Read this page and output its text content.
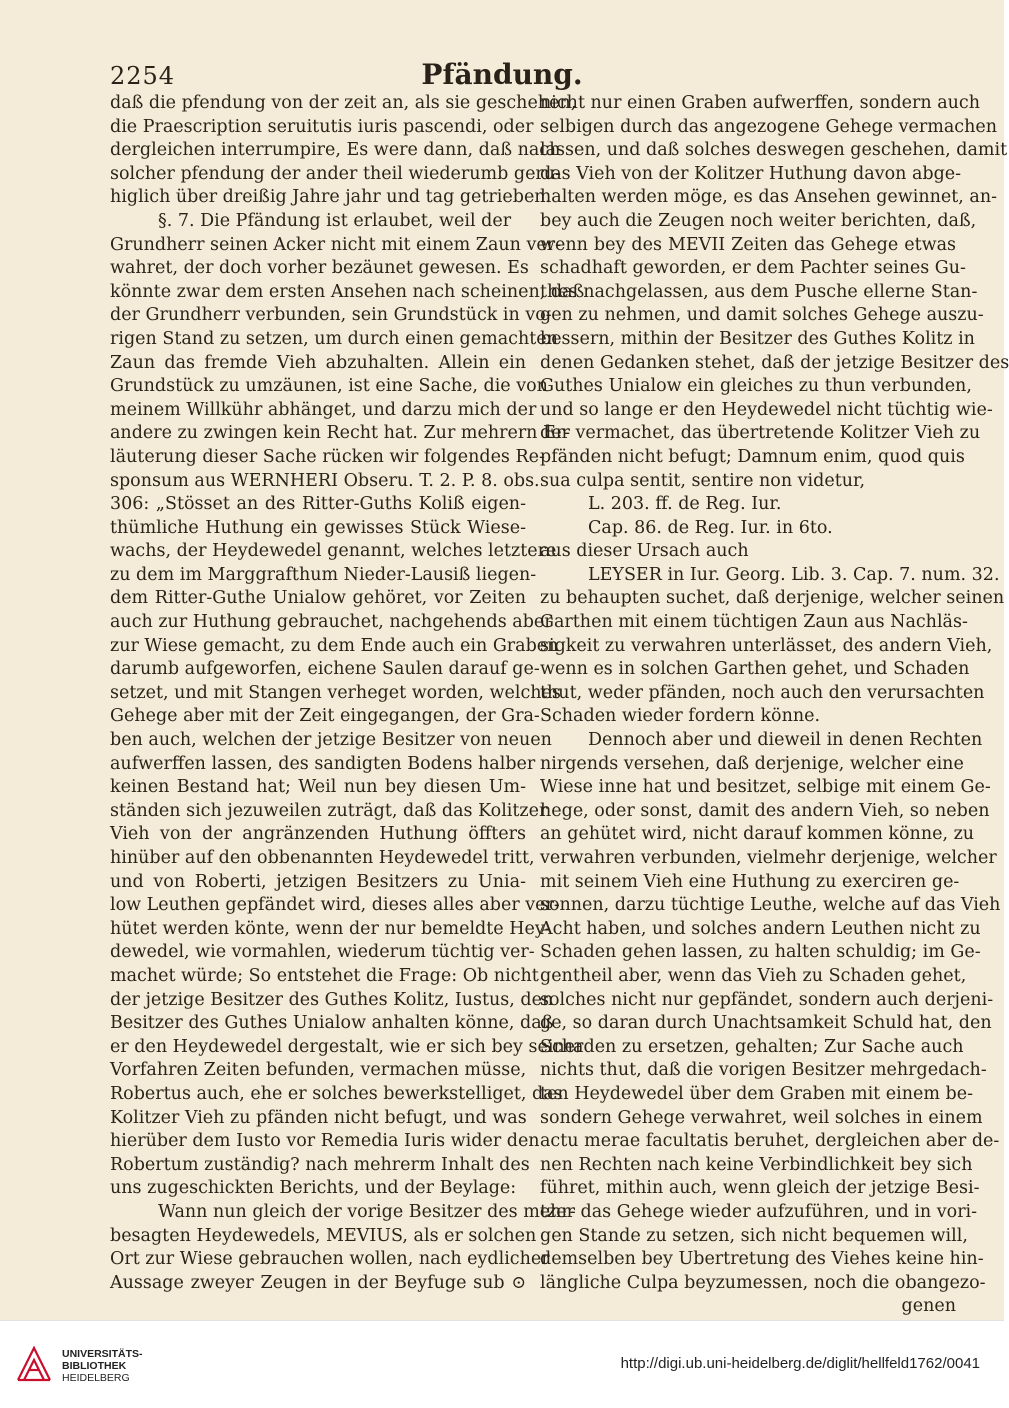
2254	Pfändung.
daß die pfendung von der zeit an, als sie geschehen,
die Praescription seruitutis iuris pascendi, oder
dergleichen interrumpire, Es were dann, daß nach
solcher pfendung der ander theil wiederumb geru-
higlich über dreißig Jahre jahr und tag getrieben.
§. 7. Die Pfändung ist erlaubet, weil der
Grundherr seinen Acker nicht mit einem Zaun ver-
wahret, der doch vorher bezäunet gewesen. Es
könnte zwar dem ersten Ansehen nach scheinen, daß
der Grundherr verbunden, sein Grundstück in vo-
rigen Stand zu setzen, um durch einen gemachten
Zaun das fremde Vieh abzuhalten. Allein ein
Grundstück zu umzäunen, ist eine Sache, die von
meinem Willkühr abhänget, und darzu mich der
andere zu zwingen kein Recht hat. Zur mehrern Er-
läuterung dieser Sache rücken wir folgendes Re-
sponsum aus WERNHERI Obseru. T. 2. P. 8. obs.
306: „Stösset an des Ritter-Guths Koliß eigen-
thümliche Huthung ein gewisses Stück Wiese-
wachs, der Heydewedel genannt, welches letztere
zu dem im Marggrafthum Nieder-Lausiß liegen-
dem Ritter-Guthe Unialow gehöret, vor Zeiten
auch zur Huthung gebrauchet, nachgehends aber
zur Wiese gemacht, zu dem Ende auch ein Graben
darumb aufgeworfen, eichene Saulen darauf ge-
setzet, und mit Stangen verheget worden, welches
Gehege aber mit der Zeit eingegangen, der Gra-
ben auch, welchen der jetzige Besitzer von neuen
aufwerffen lassen, des sandigten Bodens halber
keinen Bestand hat; Weil nun bey diesen Um-
ständen sich jezuweilen zuträgt, daß das Kolitzer
Vieh von der angränzenden Huthung öffters
hinüber auf den obbenannten Heydewedel tritt,
und von Roberti, jetzigen Besitzers zu Unia-
low Leuthen gepfändet wird, dieses alles aber ver-
hütet werden könte, wenn der nur bemeldte Hey-
dewedel, wie vormahlen, wiederum tüchtig ver-
machet würde; So entstehet die Frage: Ob nicht
der jetzige Besitzer des Guthes Kolitz, Iustus, den
Besitzer des Guthes Unialow anhalten könne, daß
er den Heydewedel dergestalt, wie er sich bey seiner
Vorfahren Zeiten befunden, vermachen müsse,
Robertus auch, ehe er solches bewerkstelliget, das
Kolitzer Vieh zu pfänden nicht befugt, und was
hierüber dem Iusto vor Remedia Iuris wider den
Robertum zuständig? nach mehrerm Inhalt des
uns zugeschickten Berichts, und der Beylage:
Wann nun gleich der vorige Besitzer des mehr-
besagten Heydewedels, MEVIUS, als er solchen
Ort zur Wiese gebrauchen wollen, nach eydlicher
Aussage zweyer Zeugen in der Beyfuge sub ⊙
nicht nur einen Graben aufwerffen, sondern auch
selbigen durch das angezogene Gehege vermachen
lassen, und daß solches deswegen geschehen, damit
das Vieh von der Kolitzer Huthung davon abge-
halten werden möge, es das Ansehen gewinnet, an-
bey auch die Zeugen noch weiter berichten, daß,
wenn bey des MEVII Zeiten das Gehege etwas
schadhaft geworden, er dem Pachter seines Gu-
thes nachgelassen, aus dem Pusche ellerne Stan-
gen zu nehmen, und damit solches Gehege auszu-
bessern, mithin der Besitzer des Guthes Kolitz in
denen Gedanken stehet, daß der jetzige Besitzer des
Guthes Unialow ein gleiches zu thun verbunden,
und so lange er den Heydewedel nicht tüchtig wie-
der vermachet, das übertretende Kolitzer Vieh zu
pfänden nicht befugt; Damnum enim, quod quis
sua culpa sentit, sentire non videtur,
L. 203. ff. de Reg. Iur.
Cap. 86. de Reg. Iur. in 6to.
aus dieser Ursach auch
LEYSER in Iur. Georg. Lib. 3. Cap. 7. num. 32.
zu behaupten suchet, daß derjenige, welcher seinen
Garthen mit einem tüchtigen Zaun aus Nachläs-
sigkeit zu verwahren unterlässet, des andern Vieh,
wenn es in solchen Garthen gehet, und Schaden
thut, weder pfänden, noch auch den verursachten
Schaden wieder fordern könne.
Dennoch aber und dieweil in denen Rechten
nirgends versehen, daß derjenige, welcher eine
Wiese inne hat und besitzet, selbige mit einem Ge-
hege, oder sonst, damit des andern Vieh, so neben
an gehütet wird, nicht darauf kommen könne, zu
verwahren verbunden, vielmehr derjenige, welcher
mit seinem Vieh eine Huthung zu exerciren ge-
sonnen, darzu tüchtige Leuthe, welche auf das Vieh
Acht haben, und solches andern Leuthen nicht zu
Schaden gehen lassen, zu halten schuldig; im Ge-
gentheil aber, wenn das Vieh zu Schaden gehet,
solches nicht nur gepfändet, sondern auch derjeni-
ge, so daran durch Unachtsamkeit Schuld hat, den
Schaden zu ersetzen, gehalten; Zur Sache auch
nichts thut, daß die vorigen Besitzer mehrgedach-
ten Heydewedel über dem Graben mit einem be-
sondern Gehege verwahret, weil solches in einem
actu merae facultatis beruhet, dergleichen aber de-
nen Rechten nach keine Verbindlichkeit bey sich
führet, mithin auch, wenn gleich der jetzige Besi-
tzer das Gehege wieder aufzuführen, und in vori-
gen Stande zu setzen, sich nicht bequemen will,
demselben bey Ubertretung des Viehes keine hin-
längliche Culpa beyzumessen, noch die obangezo-
genen
UNIVERSITÄTS-
BIBLIOTHEK
HEIDELBERG
http://digi.ub.uni-heidelberg.de/diglit/hellfeld1762/0041
